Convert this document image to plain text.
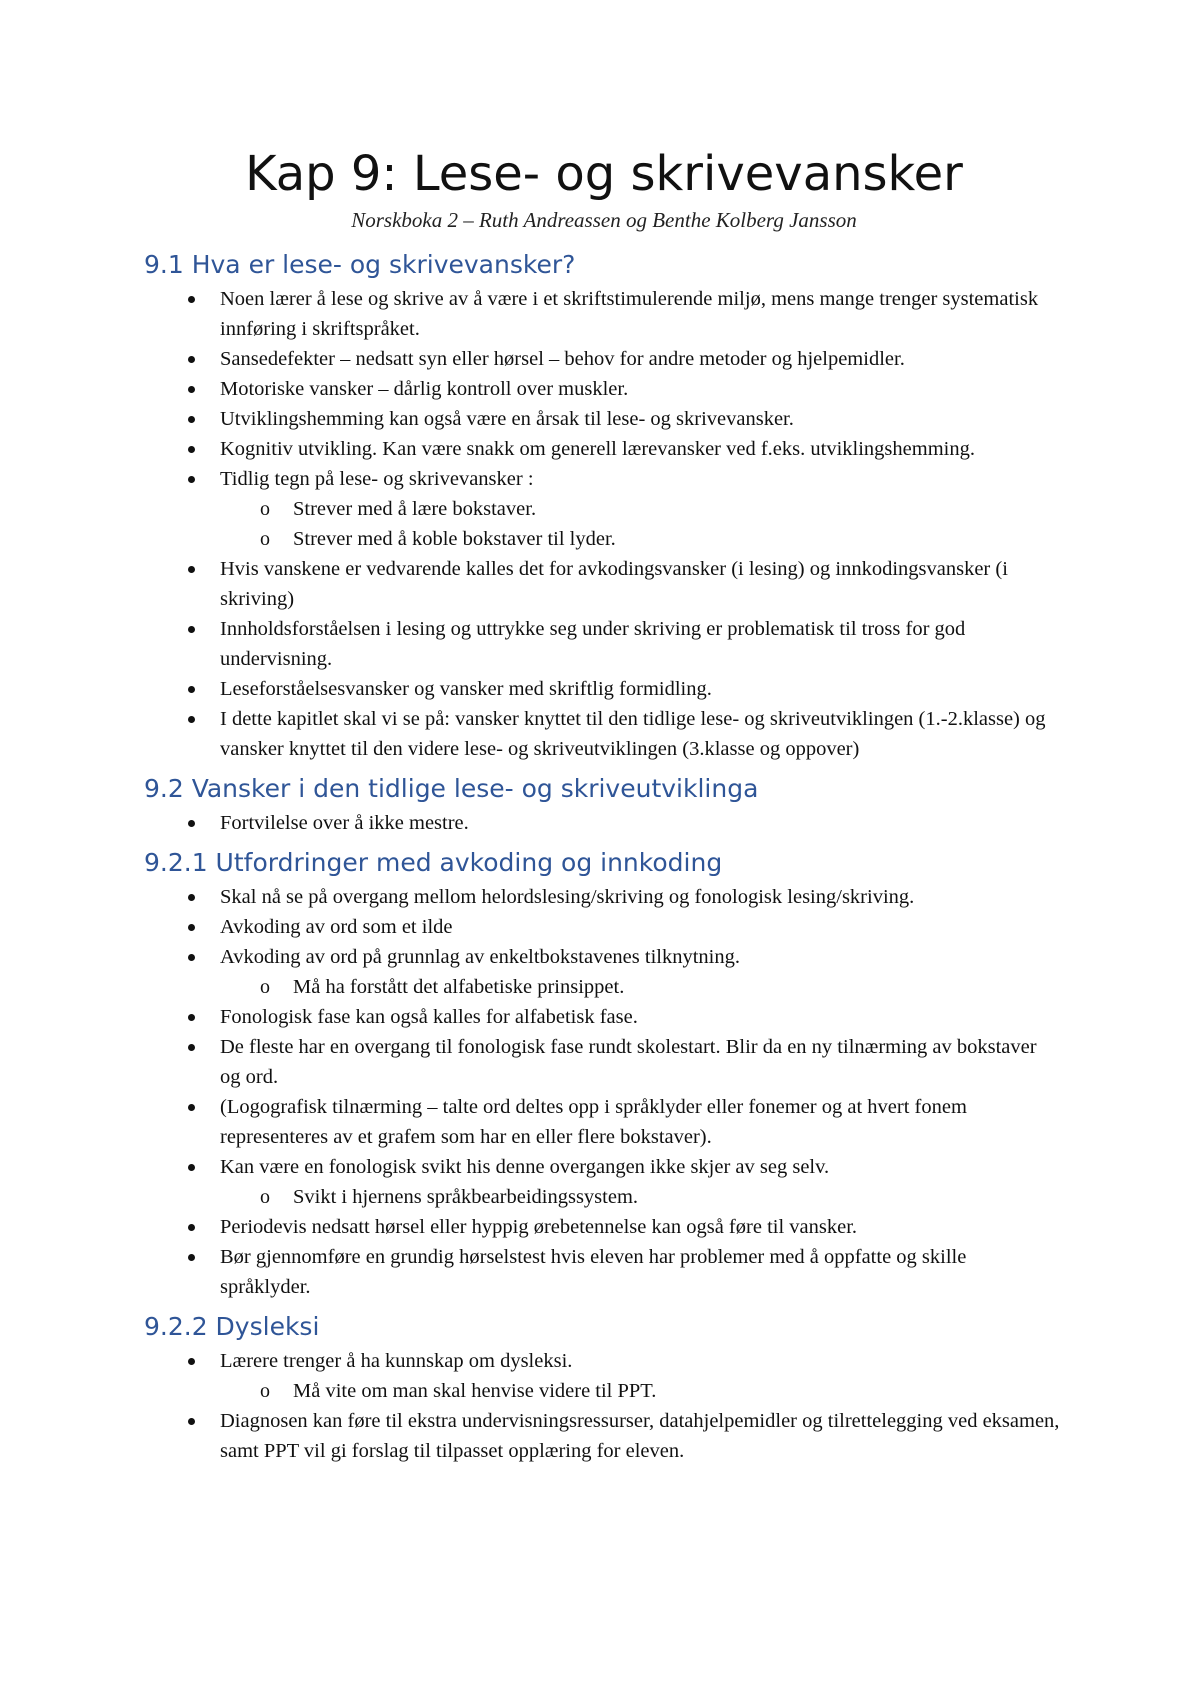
Kap 9: Lese- og skrivevansker
Norskboka 2 – Ruth Andreassen og Benthe Kolberg Jansson
9.1 Hva er lese- og skrivevansker?
Noen lærer å lese og skrive av å være i et skriftstimulerende miljø, mens mange trenger systematisk innføring i skriftspråket.
Sansedefekter – nedsatt syn eller hørsel – behov for andre metoder og hjelpemidler.
Motoriske vansker – dårlig kontroll over muskler.
Utviklingshemming kan også være en årsak til lese- og skrivevansker.
Kognitiv utvikling. Kan være snakk om generell lærevansker ved f.eks. utviklingshemming.
Tidlig tegn på lese- og skrivevansker :
o Strever med å lære bokstaver.
o Strever med å koble bokstaver til lyder.
Hvis vanskene er vedvarende kalles det for avkodingsvansker (i lesing) og innkodingsvansker (i skriving)
Innholdsforståelsen i lesing og uttrykke seg under skriving er problematisk til tross for god undervisning.
Leseforståelsesvansker og vansker med skriftlig formidling.
I dette kapitlet skal vi se på: vansker knyttet til den tidlige lese- og skriveutviklingen (1.-2.klasse) og vansker knyttet til den videre lese- og skriveutviklingen (3.klasse og oppover)
9.2 Vansker i den tidlige lese- og skriveutviklinga
Fortvilelse over å ikke mestre.
9.2.1 Utfordringer med avkoding og innkoding
Skal nå se på overgang mellom helordslesing/skriving og fonologisk lesing/skriving.
Avkoding av ord som et ilde
Avkoding av ord på grunnlag av enkeltbokstavenes tilknytning.
o Må ha forstått det alfabetiske prinsippet.
Fonologisk fase kan også kalles for alfabetisk fase.
De fleste har en overgang til fonologisk fase rundt skolestart. Blir da en ny tilnærming av bokstaver og ord.
(Logografisk tilnærming – talte ord deltes opp i språklyder eller fonemer og at hvert fonem representeres av et grafem som har en eller flere bokstaver).
Kan være en fonologisk svikt his denne overgangen ikke skjer av seg selv.
o Svikt i hjernens språkbearbeidingssystem.
Periodevis nedsatt hørsel eller hyppig ørebetennelse kan også føre til vansker.
Bør gjennomføre en grundig hørselstest hvis eleven har problemer med å oppfatte og skille språklyder.
9.2.2 Dysleksi
Lærere trenger å ha kunnskap om dysleksi.
o Må vite om man skal henvise videre til PPT.
Diagnosen kan føre til ekstra undervisningsressurser, datahjelpemidler og tilrettelegging ved eksamen, samt PPT vil gi forslag til tilpasset opplæring for eleven.
